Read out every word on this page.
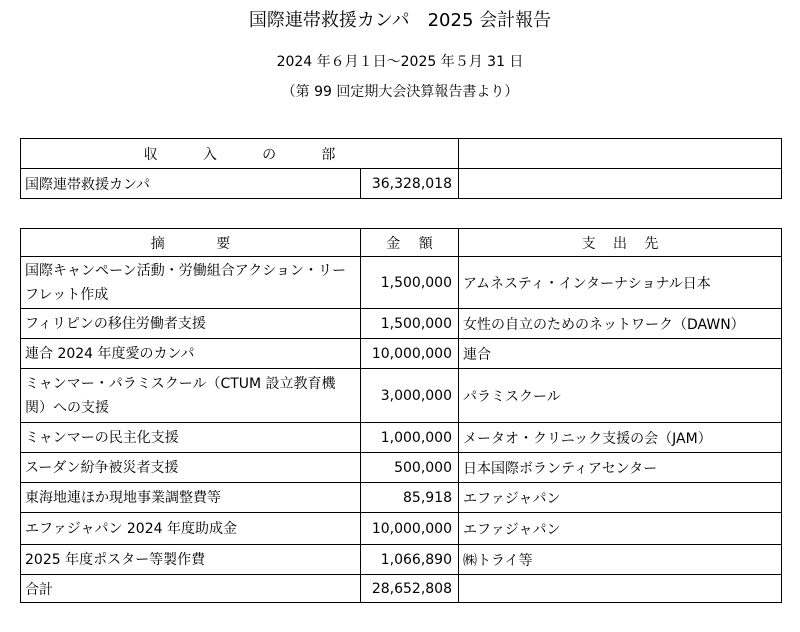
国際連帯救援カンパ　2025 会計報告
2024 年６月１日～2025 年５月 31 日
（第 99 回定期大会決算報告書より）
収 入 の 部		

国際連帯救援カンパ	36,328,018	
摘 要	金 額	支 出 先

国際キャンペーン活動・労働組合アクション・リーフレット作成	1,500,000	アムネスティ・インターナショナル日本
フィリピンの移住労働者支援	1,500,000	女性の自立のためのネットワーク（DAWN）
連合 2024 年度愛のカンパ	10,000,000	連合
ミャンマー・パラミスクール（CTUM 設立教育機関）への支援	3,000,000	パラミスクール
ミャンマーの民主化支援	1,000,000	メータオ・クリニック支援の会（JAM）
スーダン紛争被災者支援	500,000	日本国際ボランティアセンター
東海地連ほか現地事業調整費等	85,918	エファジャパン
エファジャパン 2024 年度助成金	10,000,000	エファジャパン
2025 年度ポスター等製作費	1,066,890	㈱トライ等
合計	28,652,808	
